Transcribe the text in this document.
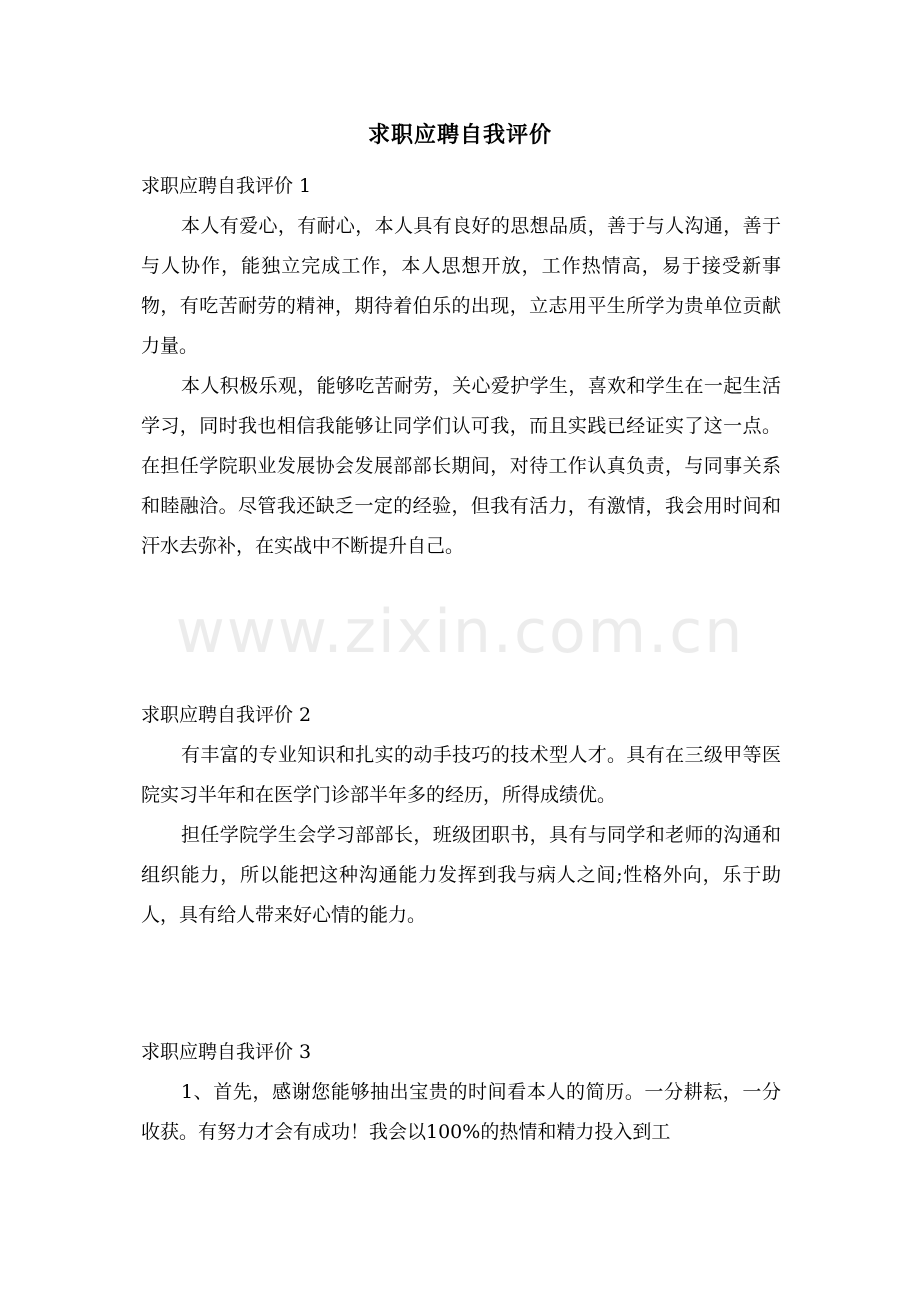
求职应聘自我评价

求职应聘自我评价 1

本人有爱心，有耐心，本人具有良好的思想品质，善于与人沟通，善于与人协作，能独立完成工作，本人思想开放，工作热情高，易于接受新事物，有吃苦耐劳的精神，期待着伯乐的出现，立志用平生所学为贵单位贡献力量。

本人积极乐观，能够吃苦耐劳，关心爱护学生，喜欢和学生在一起生活学习，同时我也相信我能够让同学们认可我，而且实践已经证实了这一点。在担任学院职业发展协会发展部部长期间，对待工作认真负责，与同事关系和睦融洽。尽管我还缺乏一定的经验，但我有活力，有激情，我会用时间和汗水去弥补，在实战中不断提升自己。

www.zixin.com.cn

求职应聘自我评价 2

有丰富的专业知识和扎实的动手技巧的技术型人才。具有在三级甲等医院实习半年和在医学门诊部半年多的经历，所得成绩优。

担任学院学生会学习部部长，班级团职书，具有与同学和老师的沟通和组织能力，所以能把这种沟通能力发挥到我与病人之间;性格外向，乐于助人，具有给人带来好心情的能力。

求职应聘自我评价 3

1、首先，感谢您能够抽出宝贵的时间看本人的简历。一分耕耘，一分收获。有努力才会有成功！我会以100%的热情和精力投入到工
